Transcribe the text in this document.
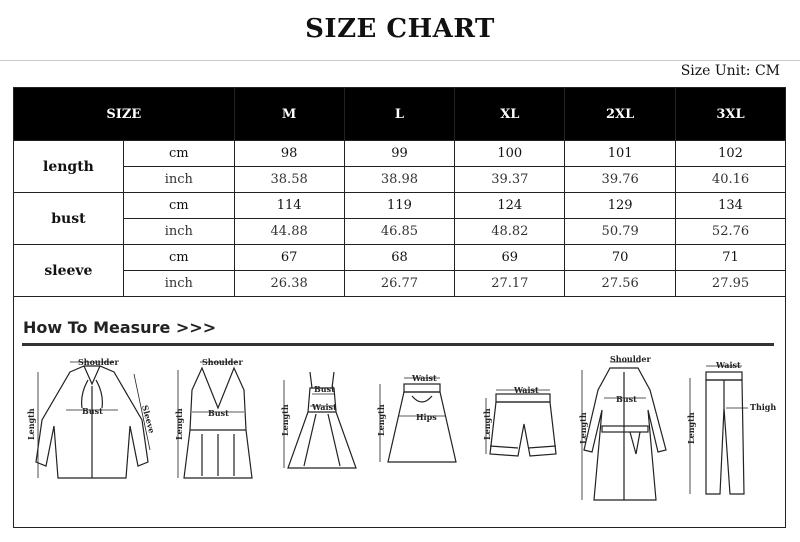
SIZE CHART
Size Unit: CM
SIZE		M	L	XL	2XL	3XL
length	cm	98	99	100	101	102
	inch	38.58	38.98	39.37	39.76	40.16
bust	cm	114	119	124	129	134
	inch	44.88	46.85	48.82	50.79	52.76
sleeve	cm	67	68	69	70	71
	inch	26.38	26.77	27.17	27.56	27.95
How To Measure >>>
Shoulder
Bust	Sleeve
Length
Shoulder
Bust
Length
Bust
Waist
Length
Waist
Hips
Length
Waist
Length
Shoulder
Bust
Length
Waist
Thigh
Length
